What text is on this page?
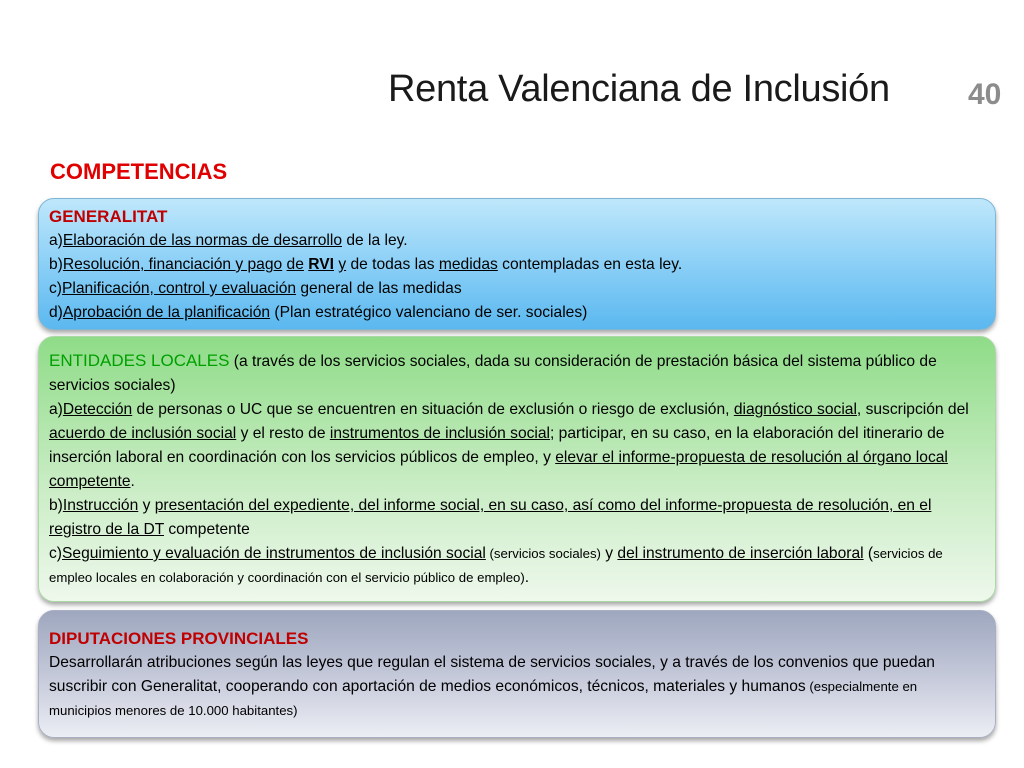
Renta Valenciana de Inclusión	40
COMPETENCIAS

GENERALITAT

a)Elaboración de las normas de desarrollo de la ley.

b)Resolución, financiación y pago de RVI y de todas las medidas contempladas en esta ley.

c)Planificación, control y evaluación general de las medidas

d)Aprobación de la planificación (Plan estratégico valenciano de ser. sociales)

ENTIDADES LOCALES (a través de los servicios sociales, dada su consideración de prestación básica del sistema público de servicios sociales)

a)Detección de personas o UC que se encuentren en situación de exclusión o riesgo de exclusión, diagnóstico social, suscripción del acuerdo de inclusión social y el resto de instrumentos de inclusión social; participar, en su caso, en la elaboración del itinerario de inserción laboral en coordinación con los servicios públicos de empleo, y elevar el informe-propuesta de resolución al órgano local competente.

b)Instrucción y presentación del expediente, del informe social, en su caso, así como del informe-propuesta de resolución, en el registro de la DT competente

c)Seguimiento y evaluación de instrumentos de inclusión social (servicios sociales) y del instrumento de inserción laboral (servicios de empleo locales en colaboración y coordinación con el servicio público de empleo).

DIPUTACIONES PROVINCIALES

Desarrollarán atribuciones según las leyes que regulan el sistema de servicios sociales, y a través de los convenios que puedan suscribir con Generalitat, cooperando con aportación de medios económicos, técnicos, materiales y humanos (especialmente en municipios menores de 10.000 habitantes)
